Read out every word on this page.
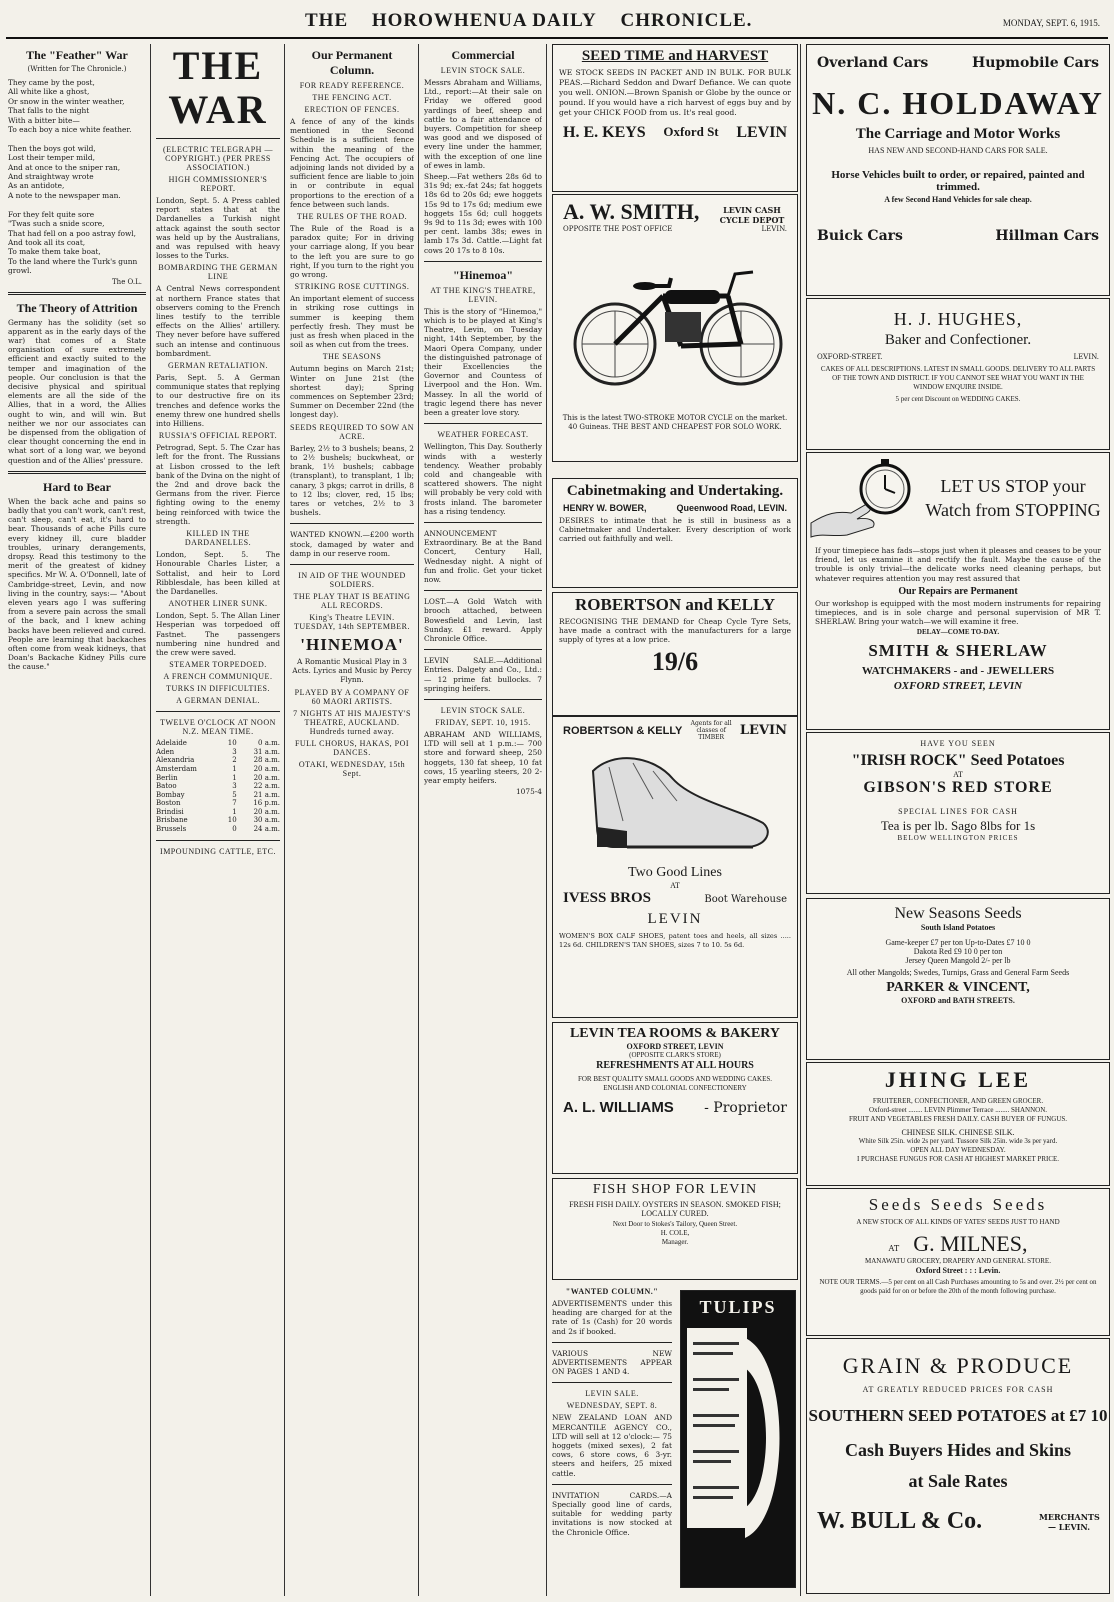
THE HOROWHENUA DAILY CHRONICLE.	MONDAY, SEPT. 6, 1915.
The "Feather" War
(Written for The Chronicle.)
They came by the post,
All white like a ghost,
Or snow in the winter weather,
That falls to the night
With a bitter bite—
To each boy a nice white feather.

Then the boys got wild,
Lost their temper mild,
And at once to the sniper ran,
And straightway wrote
As an antidote,
A note to the newspaper man.

For they felt quite sore
"Twas such a snide score,
That had fell on a poo astray fowl,
And took all its coat,
To make them take boat,
To the land where the Turk's gunn growl.
The O.L.
The Theory of Attrition
Germany has the solidity (set so apparent as in the early days of the war) that comes of a State organisation of sure extremely efficient and exactly suited to the temper and imagination of the people. Our conclusion is that the decisive physical and spiritual elements are all the side of the Allies, that in a word, the Allies ought to win, and will win. But neither we nor our associates can be dispensed from the obligation of clear thought concerning the end in what sort of a long war, we beyond question and of the Allies' pressure.
Hard to Bear
When the back ache and pains so badly that you can't work, can't rest, can't sleep, can't eat, it's hard to bear. Thousands of ache Pills cure every kidney ill, cure bladder troubles, urinary derangements, dropsy. Read this testimony to the merit of the greatest of kidney specifics. Mr W. A. O'Donnell, late of Cambridge-street, Levin, and now living in the country, says:— "About eleven years ago I was suffering from a severe pain across the small of the back, and I knew aching backs have been relieved and cured. People are learning that backaches often come from weak kidneys, that Doan's Backache Kidney Pills cure the cause."
THE WAR
(ELECTRIC TELEGRAPH — COPYRIGHT.) (PER PRESS ASSOCIATION.)
HIGH COMMISSIONER'S REPORT.
London, Sept. 5. A Press cabled report states that at the Dardanelles a Turkish night attack against the south sector was held up by the Australians, and was repulsed with heavy losses to the Turks.
BOMBARDING THE GERMAN LINE
A Central News correspondent at northern France states that observers coming to the French lines testify to the terrible effects on the Allies' artillery. They never before have suffered such an intense and continuous bombardment.
GERMAN RETALIATION.
Paris, Sept. 5. A German communique states that replying to our destructive fire on its trenches and defence works the enemy threw one hundred shells into Hilliens.
RUSSIA'S OFFICIAL REPORT.
Petrograd, Sept. 5. The Czar has left for the front. The Russians at Lisbon crossed to the left bank of the Dvina on the night of the 2nd and drove back the Germans from the river. Fierce fighting owing to the enemy being reinforced with twice the strength.
KILLED IN THE DARDANELLES.
London, Sept. 5. The Honourable Charles Lister, a Sottalist, and heir to Lord Ribblesdale, has been killed at the Dardanelles.
ANOTHER LINER SUNK.
London, Sept. 5. The Allan Liner Hesperian was torpedoed off Fastnet. The passengers numbering nine hundred and the crew were saved.
STEAMER TORPEDOED.
A FRENCH COMMUNIQUE.
TURKS IN DIFFICULTIES.
A GERMAN DENIAL.
TWELVE O'CLOCK AT NOON N.Z. MEAN TIME.
Adelaide	10	0 a.m.
Aden	3	31 a.m.
Alexandria	2	28 a.m.
Amsterdam	1	20 a.m.
Berlin	1	20 a.m.
Batoo	3	22 a.m.
Bombay	5	21 a.m.
Boston	7	16 p.m.
Brindisi	1	20 a.m.
Brisbane	10	30 a.m.
Brussels	0	24 a.m.
IMPOUNDING CATTLE, ETC.
Our Permanent Column.
FOR READY REFERENCE.
THE FENCING ACT.
ERECTION OF FENCES.
A fence of any of the kinds mentioned in the Second Schedule is a sufficient fence within the meaning of the Fencing Act. The occupiers of adjoining lands not divided by a sufficient fence are liable to join in or contribute in equal proportions to the erection of a fence between such lands.
THE RULES OF THE ROAD.
The Rule of the Road is a paradox quite; For in driving your carriage along, If you bear to the left you are sure to go right, If you turn to the right you go wrong.
STRIKING ROSE CUTTINGS.
An important element of success in striking rose cuttings in summer is keeping them perfectly fresh. They must be just as fresh when placed in the soil as when cut from the trees.
THE SEASONS
Autumn begins on March 21st; Winter on June 21st (the shortest day); Spring commences on September 23rd; Summer on December 22nd (the longest day).
SEEDS REQUIRED TO SOW AN ACRE.
Barley, 2½ to 3 bushels; beans, 2 to 2½ bushels; buckwheat, or brank, 1½ bushels; cabbage (transplant), to transplant, 1 lb; canary, 3 pkgs; carrot in drills, 8 to 12 lbs; clover, red, 15 lbs; tares or vetches, 2½ to 3 bushels.
WANTED KNOWN.—£200 worth stock, damaged by water and damp in our reserve room.
IN AID OF THE WOUNDED SOLDIERS.
THE PLAY THAT IS BEATING ALL RECORDS.
King's Theatre LEVIN. TUESDAY, 14th SEPTEMBER.
'HINEMOA'
A Romantic Musical Play in 3 Acts. Lyrics and Music by Percy Flynn.
PLAYED BY A COMPANY OF 60 MAORI ARTISTS.
7 NIGHTS AT HIS MAJESTY'S THEATRE, AUCKLAND. Hundreds turned away.
FULL CHORUS, HAKAS, POI DANCES.
OTAKI, WEDNESDAY, 15th Sept.
Commercial
LEVIN STOCK SALE.
Messrs Abraham and Williams, Ltd., report:—At their sale on Friday we offered good yardings of beef, sheep and cattle to a fair attendance of buyers. Competition for sheep was good and we disposed of every line under the hammer, with the exception of one line of ewes in lamb.
Sheep.—Fat wethers 28s 6d to 31s 9d; ex.-fat 24s; fat hoggets 18s 6d to 20s 6d; ewe hoggets 15s 9d to 17s 6d; medium ewe hoggets 15s 6d; cull hoggets 9s 9d to 11s 3d; ewes with 100 per cent. lambs 38s; ewes in lamb 17s 3d. Cattle.—Light fat cows 20 17s to 8 10s.
"Hinemoa"
AT THE KING'S THEATRE, LEVIN.
This is the story of "Hinemoa," which is to be played at King's Theatre, Levin, on Tuesday night, 14th September, by the Maori Opera Company, under the distinguished patronage of their Excellencies the Governor and Countess of Liverpool and the Hon. Wm. Massey. In all the world of tragic legend there has never been a greater love story.
WEATHER FORECAST.
Wellington, This Day. Southerly winds with a westerly tendency. Weather probably cold and changeable with scattered showers. The night will probably be very cold with frosts inland. The barometer has a rising tendency.
ANNOUNCEMENT Extraordinary. Be at the Band Concert, Century Hall, Wednesday night. A night of fun and frolic. Get your ticket now.
LOST.—A Gold Watch with brooch attached, between Bowesfield and Levin, last Sunday. £1 reward. Apply Chronicle Office.
LEVIN SALE.—Additional Entries. Dalgety and Co., Ltd.:— 12 prime fat bullocks. 7 springing heifers.
LEVIN STOCK SALE.
FRIDAY, SEPT. 10, 1915.
ABRAHAM AND WILLIAMS, LTD will sell at 1 p.m.:— 700 store and forward sheep, 250 hoggets, 130 fat sheep, 10 fat cows, 15 yearling steers, 20 2-year empty heifers.
1075-4
SEED TIME and HARVEST
WE STOCK SEEDS IN PACKET AND IN BULK. FOR BULK PEAS.—Richard Seddon and Dwarf Defiance. We can quote you well. ONION.—Brown Spanish or Globe by the ounce or pound. If you would have a rich harvest of eggs buy and by get your CHICK FOOD from us. It's real good.
H. E. KEYS Oxford St LEVIN
A. W. SMITH,	LEVIN CASH CYCLE DEPOT
OPPOSITE THE POST OFFICE	LEVIN.
This is the latest TWO-STROKE MOTOR CYCLE on the market. 40 Guineas. THE BEST AND CHEAPEST FOR SOLO WORK.
Cabinetmaking and Undertaking.
HENRY W. BOWER,	Queenwood Road, LEVIN.
DESIRES to intimate that he is still in business as a Cabinetmaker and Undertaker. Every description of work carried out faithfully and well.
ROBERTSON and KELLY
RECOGNISING THE DEMAND for Cheap Cycle Tyre Sets, have made a contract with the manufacturers for a large supply of tyres at a low price.
19/6
ROBERTSON & KELLY
Agents for all classes of TIMBER	LEVIN
Two Good Lines
AT
IVESS BROS	Boot Warehouse
LEVIN
WOMEN'S BOX CALF SHOES, patent toes and heels, all sizes ..... 12s 6d. CHILDREN'S TAN SHOES, sizes 7 to 10. 5s 6d.
LEVIN TEA ROOMS & BAKERY
OXFORD STREET, LEVIN
(OPPOSITE CLARK'S STORE)
REFRESHMENTS AT ALL HOURS
FOR BEST QUALITY SMALL GOODS AND WEDDING CAKES. ENGLISH AND COLONIAL CONFECTIONERY
A. L. WILLIAMS - Proprietor
FISH SHOP FOR LEVIN
FRESH FISH DAILY. OYSTERS IN SEASON. SMOKED FISH; LOCALLY CURED.
Next Door to Stokes's Tailory, Queen Street.
H. COLE,
Manager.
"WANTED COLUMN."
ADVERTISEMENTS under this heading are charged for at the rate of 1s (Cash) for 20 words and 2s if booked.
VARIOUS NEW ADVERTISEMENTS APPEAR ON PAGES 1 AND 4.
LEVIN SALE.
WEDNESDAY, SEPT. 8.
NEW ZEALAND LOAN AND MERCANTILE AGENCY CO., LTD will sell at 12 o'clock:— 75 hoggets (mixed sexes), 2 fat cows, 6 store cows, 6 3-yr. steers and heifers, 25 mixed cattle.
INVITATION CARDS.—A Specially good line of cards, suitable for wedding party invitations is now stocked at the Chronicle Office.
TULIPS
Overland Cars	Hupmobile Cars
N. C. HOLDAWAY
The Carriage and Motor Works
HAS NEW AND SECOND-HAND CARS FOR SALE.
Horse Vehicles built to order, or repaired, painted and trimmed.
A few Second Hand Vehicles for sale cheap.
Buick Cars	Hillman Cars
H. J. HUGHES,
Baker and Confectioner.
OXFORD-STREET.	LEVIN.
CAKES OF ALL DESCRIPTIONS. LATEST IN SMALL GOODS. DELIVERY TO ALL PARTS OF THE TOWN AND DISTRICT. IF YOU CANNOT SEE WHAT YOU WANT IN THE WINDOW ENQUIRE INSIDE.
5 per cent Discount on WEDDING CAKES.
LET US STOP your Watch from STOPPING
If your timepiece has fads—stops just when it pleases and ceases to be your friend, let us examine it and rectify the fault. Maybe the cause of the trouble is only trivial—the delicate works need cleaning perhaps, but whatever requires attention you may rest assured that
Our Repairs are Permanent
Our workshop is equipped with the most modern instruments for repairing timepieces, and is in sole charge and personal supervision of MR T. SHERLAW. Bring your watch—we will examine it free.
DELAY—COME TO-DAY.
SMITH & SHERLAW
WATCHMAKERS - and - JEWELLERS
OXFORD STREET, LEVIN
HAVE YOU SEEN
"IRISH ROCK" Seed Potatoes
AT
GIBSON'S RED STORE
SPECIAL LINES FOR CASH
Tea is per lb. Sago 8lbs for 1s
BELOW WELLINGTON PRICES
New Seasons Seeds
South Island Potatoes
Game-keeper £7 per ton Up-to-Dates £7 10 0
Dakota Red £9 10 0 per ton
Jersey Queen Mangold 2/- per lb
All other Mangolds; Swedes, Turnips, Grass and General Farm Seeds
PARKER & VINCENT,
OXFORD and BATH STREETS.
JHING LEE
FRUITERER, CONFECTIONER, AND GREEN GROCER.
Oxford-street ........ LEVIN Plimmer Terrace ........ SHANNON.
FRUIT AND VEGETABLES FRESH DAILY. CASH BUYER OF FUNGUS.
CHINESE SILK. CHINESE SILK.
White Silk 25in. wide 2s per yard. Tussore Silk 25in. wide 3s per yard.
OPEN ALL DAY WEDNESDAY.
I PURCHASE FUNGUS FOR CASH AT HIGHEST MARKET PRICE.
Seeds Seeds Seeds
A NEW STOCK OF ALL KINDS OF YATES' SEEDS JUST TO HAND
AT G. MILNES,
MANAWATU GROCERY, DRAPERY AND GENERAL STORE.
Oxford Street : : : Levin.
NOTE OUR TERMS.—5 per cent on all Cash Purchases amounting to 5s and over. 2½ per cent on goods paid for on or before the 20th of the month following purchase.
GRAIN & PRODUCE
AT GREATLY REDUCED PRICES FOR CASH
SOUTHERN SEED POTATOES at £7 10
Cash Buyers Hides and Skins
at Sale Rates
W. BULL & Co.	MERCHANTS — LEVIN.
